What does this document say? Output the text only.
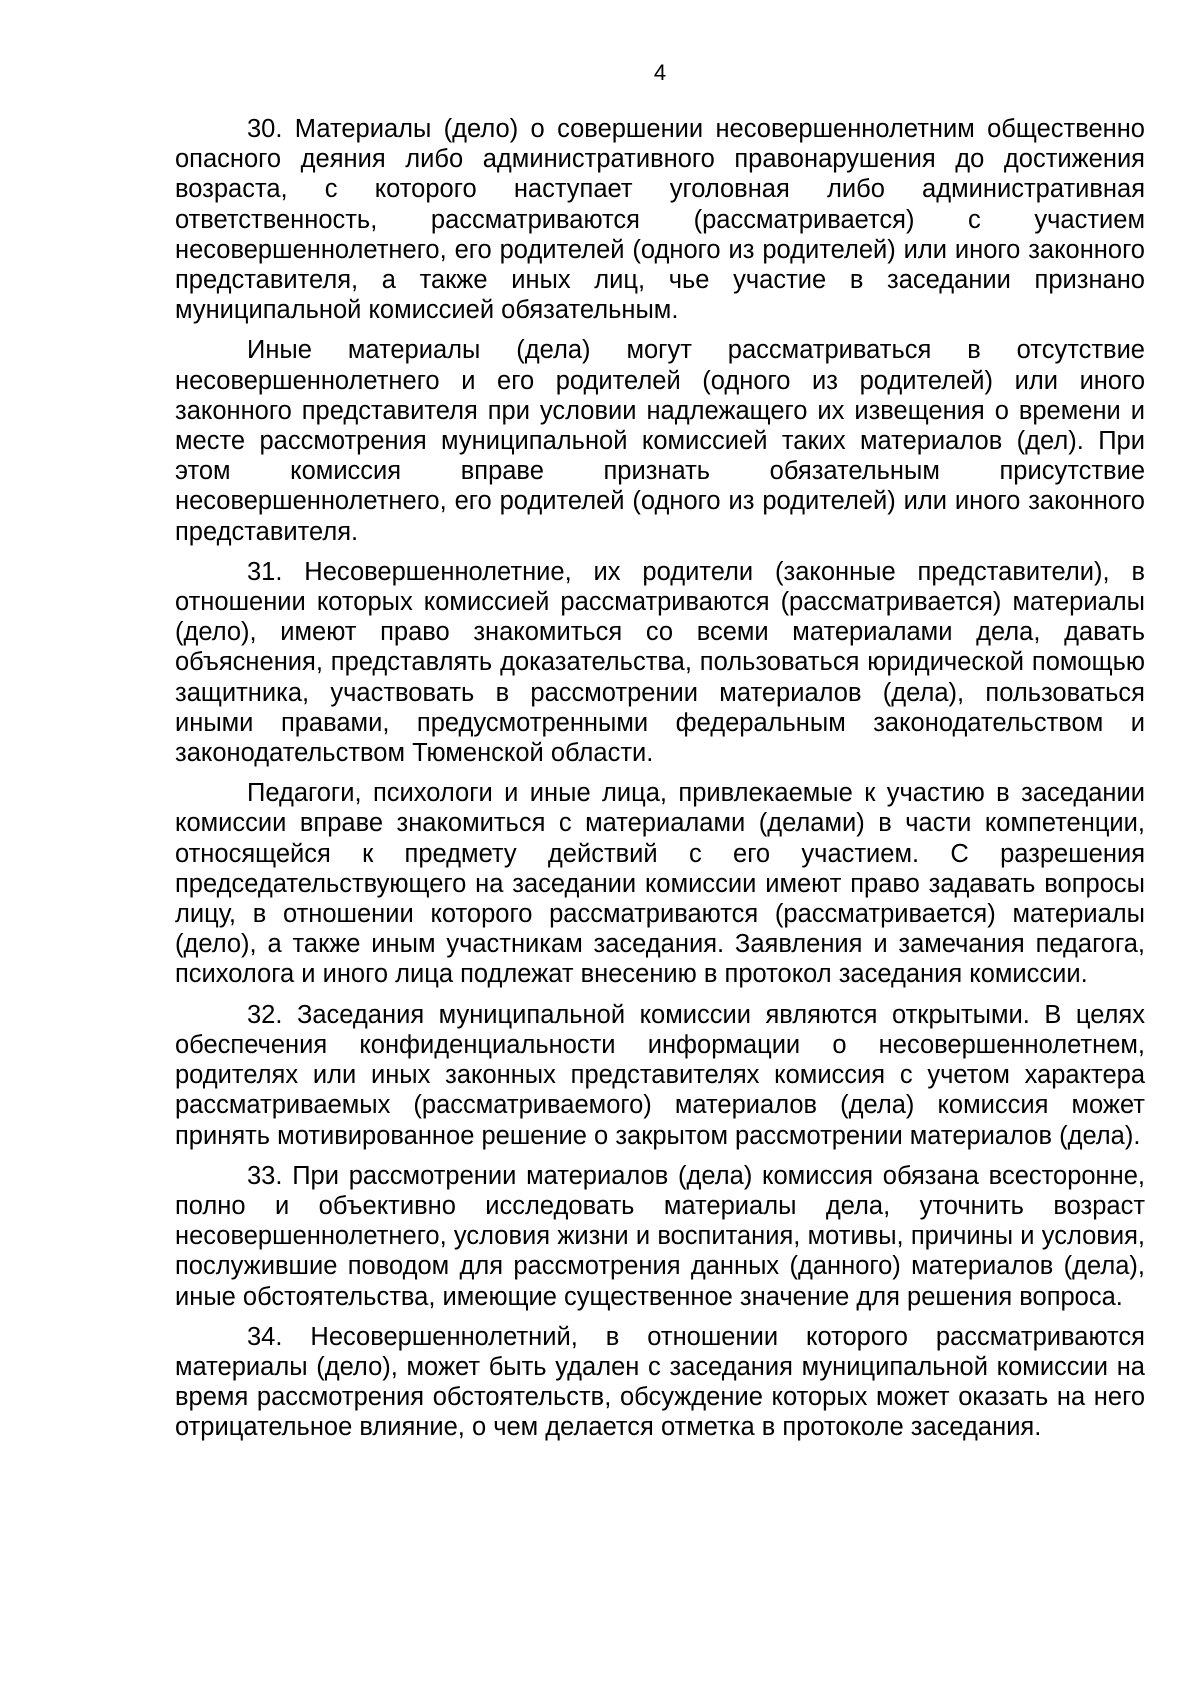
4

30. Материалы (дело) о совершении несовершеннолетним общественно опасного деяния либо административного правонарушения до достижения возраста, с которого наступает уголовная либо административная ответственность, рассматриваются (рассматривается) с участием несовершеннолетнего, его родителей (одного из родителей) или иного законного представителя, а также иных лиц, чье участие в заседании признано муниципальной комиссией обязательным.

Иные материалы (дела) могут рассматриваться в отсутствие несовершеннолетнего и его родителей (одного из родителей) или иного законного представителя при условии надлежащего их извещения о времени и месте рассмотрения муниципальной комиссией таких материалов (дел). При этом комиссия вправе признать обязательным присутствие несовершеннолетнего, его родителей (одного из родителей) или иного законного представителя.

31. Несовершеннолетние, их родители (законные представители), в отношении которых комиссией рассматриваются (рассматривается) материалы (дело), имеют право знакомиться со всеми материалами дела, давать объяснения, представлять доказательства, пользоваться юридической помощью защитника, участвовать в рассмотрении материалов (дела), пользоваться иными правами, предусмотренными федеральным законодательством и законодательством Тюменской области.

Педагоги, психологи и иные лица, привлекаемые к участию в заседании комиссии вправе знакомиться с материалами (делами) в части компетенции, относящейся к предмету действий с его участием. С разрешения председательствующего на заседании комиссии имеют право задавать вопросы лицу, в отношении которого рассматриваются (рассматривается) материалы (дело), а также иным участникам заседания. Заявления и замечания педагога, психолога и иного лица подлежат внесению в протокол заседания комиссии.

32. Заседания муниципальной комиссии являются открытыми. В целях обеспечения конфиденциальности информации о несовершеннолетнем, родителях или иных законных представителях комиссия с учетом характера рассматриваемых (рассматриваемого) материалов (дела) комиссия может принять мотивированное решение о закрытом рассмотрении материалов (дела).

33. При рассмотрении материалов (дела) комиссия обязана всесторонне, полно и объективно исследовать материалы дела, уточнить возраст несовершеннолетнего, условия жизни и воспитания, мотивы, причины и условия, послужившие поводом для рассмотрения данных (данного) материалов (дела), иные обстоятельства, имеющие существенное значение для решения вопроса.

34. Несовершеннолетний, в отношении которого рассматриваются материалы (дело), может быть удален с заседания муниципальной комиссии на время рассмотрения обстоятельств, обсуждение которых может оказать на него отрицательное влияние, о чем делается отметка в протоколе заседания.
